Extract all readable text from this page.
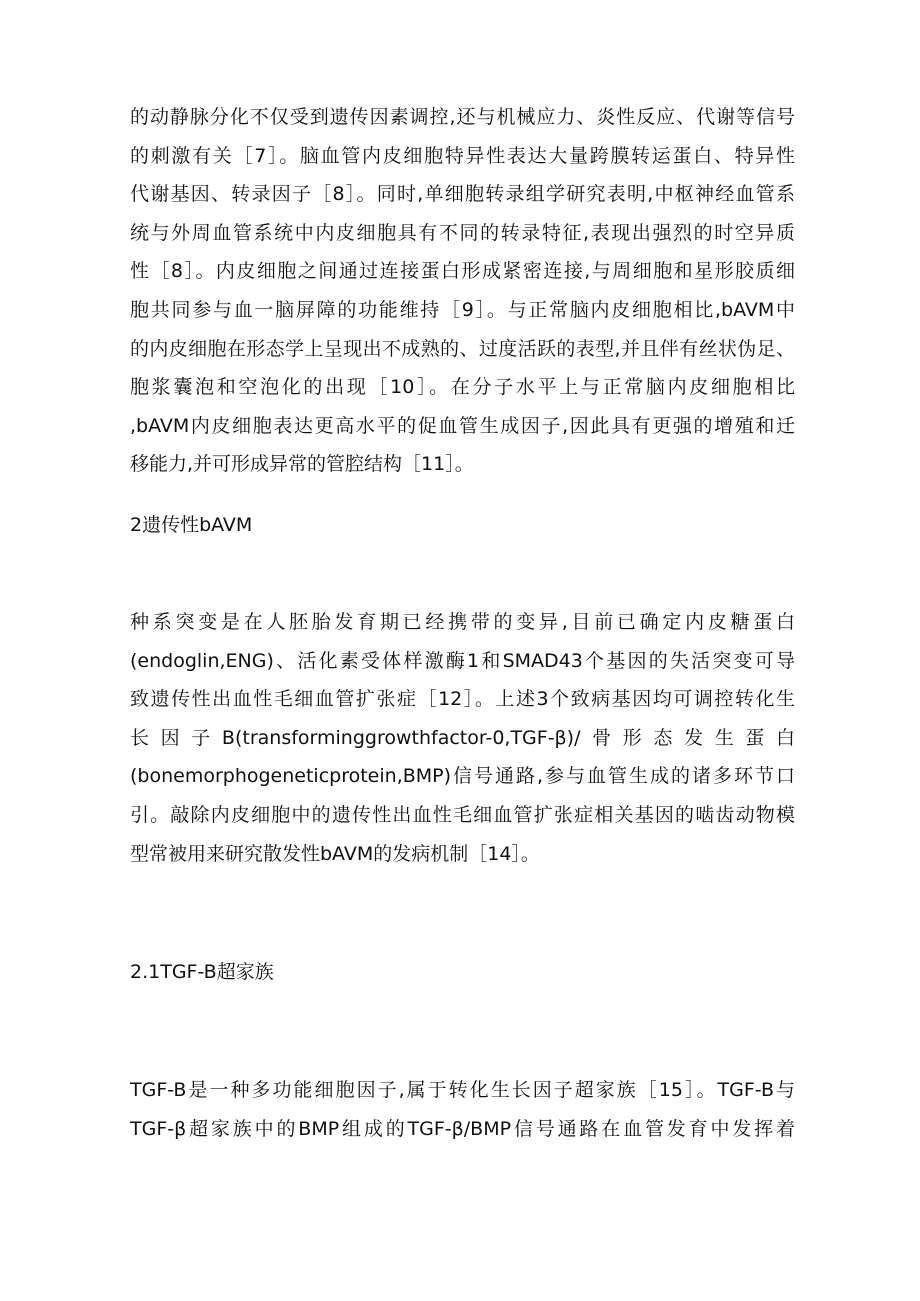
的动静脉分化不仅受到遗传因素调控,还与机械应力、炎性反应、代谢等信号
的刺激有关［7］。脑血管内皮细胞特异性表达大量跨膜转运蛋白、特异性
代谢基因、转录因子［8］。同时,单细胞转录组学研究表明,中枢神经血管系
统与外周血管系统中内皮细胞具有不同的转录特征,表现出强烈的时空异质
性［8］。内皮细胞之间通过连接蛋白形成紧密连接,与周细胞和星形胶质细
胞共同参与血一脑屏障的功能维持［9］。与正常脑内皮细胞相比,bAVM中
的内皮细胞在形态学上呈现出不成熟的、过度活跃的表型,并且伴有丝状伪足、
胞浆囊泡和空泡化的出现［10］。在分子水平上与正常脑内皮细胞相比
,bAVM内皮细胞表达更高水平的促血管生成因子,因此具有更强的增殖和迁
移能力,并可形成异常的管腔结构［11］。
2遗传性bAVM
种系突变是在人胚胎发育期已经携带的变异,目前已确定内皮糖蛋白
(endoglin,ENG)、活化素受体样激酶1和SMAD43个基因的失活突变可导
致遗传性出血性毛细血管扩张症［12］。上述3个致病基因均可调控转化生
长因子B(transforminggrowthfactor-0,TGF-β)/骨形态发生蛋白
(bonemorphogeneticprotein,BMP)信号通路,参与血管生成的诸多环节口
引。敲除内皮细胞中的遗传性出血性毛细血管扩张症相关基因的啮齿动物模
型常被用来研究散发性bAVM的发病机制［14］。
2.1TGF-B超家族
TGF-B是一种多功能细胞因子,属于转化生长因子超家族［15］。TGF-B与
TGF-β超家族中的BMP组成的TGF-β/BMP信号通路在血管发育中发挥着
